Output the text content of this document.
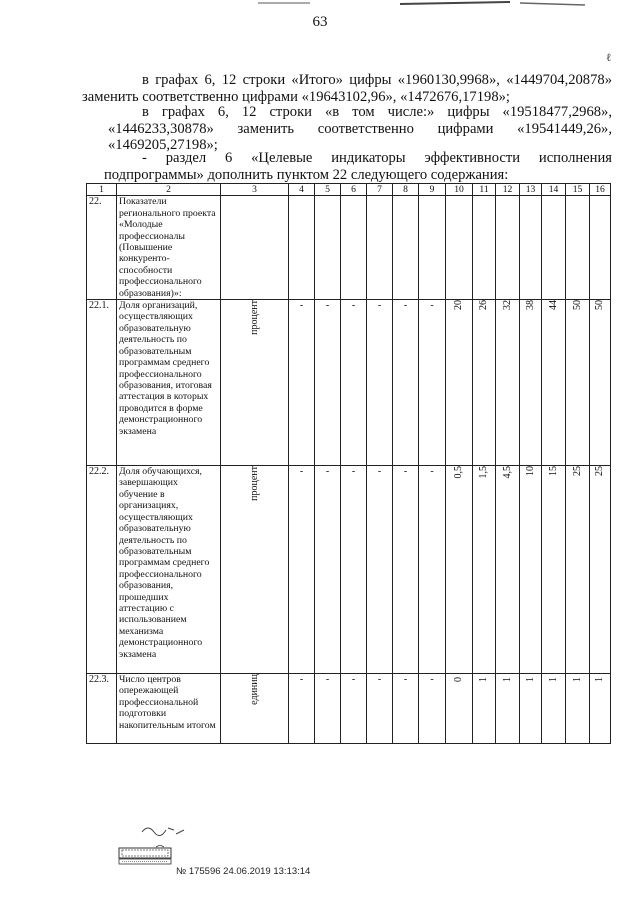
63
ℓ
в графах 6, 12 строки «Итого» цифры «1960130,9968», «1449704,20878»
заменить соответственно цифрами «19643102,96», «1472676,17198»;
в графах 6, 12 строки «в том числе:» цифры «19518477,2968»,
«1446233,30878» заменить соответственно цифрами «19541449,26»,
«1469205,27198»;
- раздел 6 «Целевые индикаторы эффективности исполнения
подпрограммы» дополнить пунктом 22 следующего содержания:
1	2	3	4	5	6	7	8	9	10	11	12	13	14	15	16
22.	Показатели регионального проекта «Молодые профессионалы (Повышение конкуренто-способности профессионального образования)»:														
22.1.	Доля организаций, осуществляющих образовательную деятельность по образовательным программам среднего профессионального образования, итоговая аттестация в которых проводится в форме демонстрационного экзамена	процент	-	-	-	-	-	-	20	26	32	38	44	50	50
22.2.	Доля обучающихся, завершающих обучение в организациях, осуществляющих образовательную деятельность по образовательным программам среднего профессионального образования, прошедших аттестацию с использованием механизма демонстрационного экзамена	процент	-	-	-	-	-	-	0,5	1,5	4,5	10	15	25	25
22.3.	Число центров опережающей профессиональной подготовки накопительным итогом	единиц	-	-	-	-	-	-	0	1	1	1	1	1	1
№ 175596 24.06.2019 13:13:14
